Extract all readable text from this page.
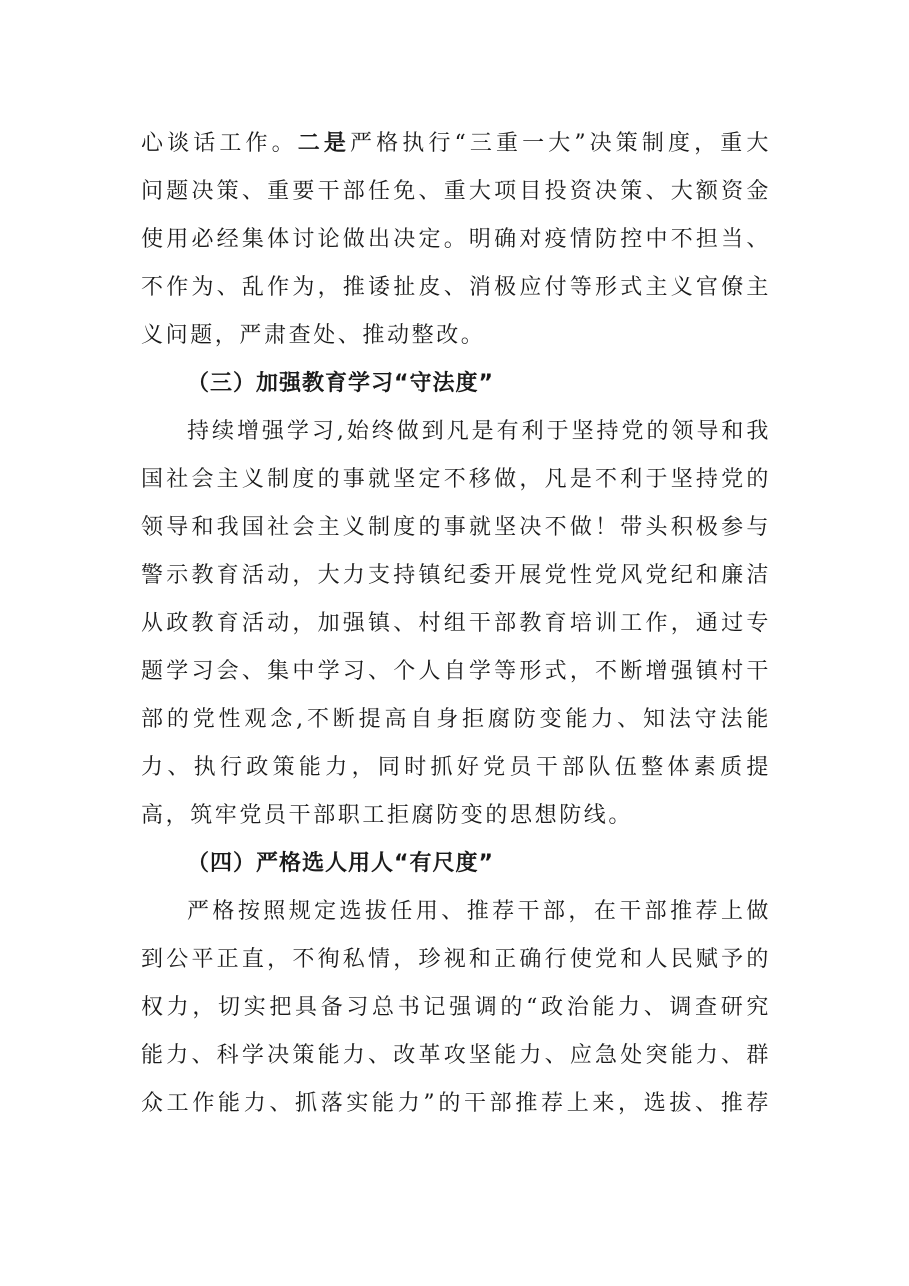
心谈话工作。二是严格执行“三重一大”决策制度，重大
问题决策、重要干部任免、重大项目投资决策、大额资金
使用必经集体讨论做出决定。明确对疫情防控中不担当、
不作为、乱作为，推诿扯皮、消极应付等形式主义官僚主
义问题，严肃查处、推动整改。
（三）加强教育学习“守法度”
持续增强学习,始终做到凡是有利于坚持党的领导和我
国社会主义制度的事就坚定不移做，凡是不利于坚持党的
领导和我国社会主义制度的事就坚决不做！带头积极参与
警示教育活动，大力支持镇纪委开展党性党风党纪和廉洁
从政教育活动，加强镇、村组干部教育培训工作，通过专
题学习会、集中学习、个人自学等形式，不断增强镇村干
部的党性观念,不断提高自身拒腐防变能力、知法守法能
力、执行政策能力，同时抓好党员干部队伍整体素质提
高，筑牢党员干部职工拒腐防变的思想防线。
（四）严格选人用人“有尺度”
严格按照规定选拔任用、推荐干部，在干部推荐上做
到公平正直，不徇私情，珍视和正确行使党和人民赋予的
权力，切实把具备习总书记强调的“政治能力、调查研究
能力、科学决策能力、改革攻坚能力、应急处突能力、群
众工作能力、抓落实能力”的干部推荐上来，选拔、推荐
